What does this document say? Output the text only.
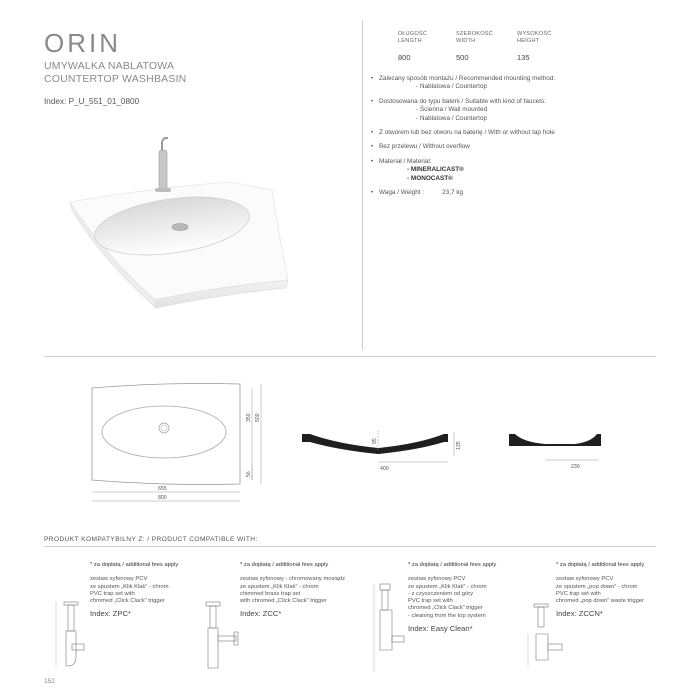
ORIN
UMYWALKA NABLATOWA
COUNTERTOP WASHBASIN
Index: P_U_551_01_0800
DŁUGOŚĆ
LENGTH
800
SZEROKOŚĆ
WIDTH
500
WYSOKOŚĆ
HEIGHT
135
• Zalecany sposób montażu / Recommended mounting method:
- Nablatowa / Countertop
• Dostosowana do typu baterii / Suitable with kind of faucets:
- Ścienna / Wall mounted
- Nablatowa / Countertop
• Z otworem lub bez otworu na baterię / With or without tap hole
• Bez przelewu / Without overflow
• Materiał / Material:
- MINERALICAST®
- MONOCAST®
• Waga / Weight :	23,7 kg
655
800
350 500
56
95
135
400	230
PRODUKT KOMPATYBILNY Z: / PRODUCT COMPATIBLE WITH:
* za dopłatą / additional fees apply
zestaw syfonowy PCV
ze spustem „Klik Klak” - chrom
PVC trap set with
chromed „Click Clack” trigger
Index: ZPC*
* za dopłatą / additional fees apply
zestaw syfonowy - chromowany mosiądz
ze spustem „Klik Klak” - chrom
chimmed brass trap set
with chromed „Click Clack” trigger
Index: ZCC*
* za dopłatą / additional fees apply
zestaw syfonowy PCV
ze spustem „Klik Klak” - chrom
- z czyszczeniem od góry
PVC trap set with
chromed „Click Clack” trigger
- cleaning from the top system
Index: Easy Clean*
* za dopłatą / additional fees apply
zestaw syfonowy PCV
ze spustem „pop down” - chrom
PVC trap set with
chromed „pop down” waste trigger
Index: ZCCN*
152
